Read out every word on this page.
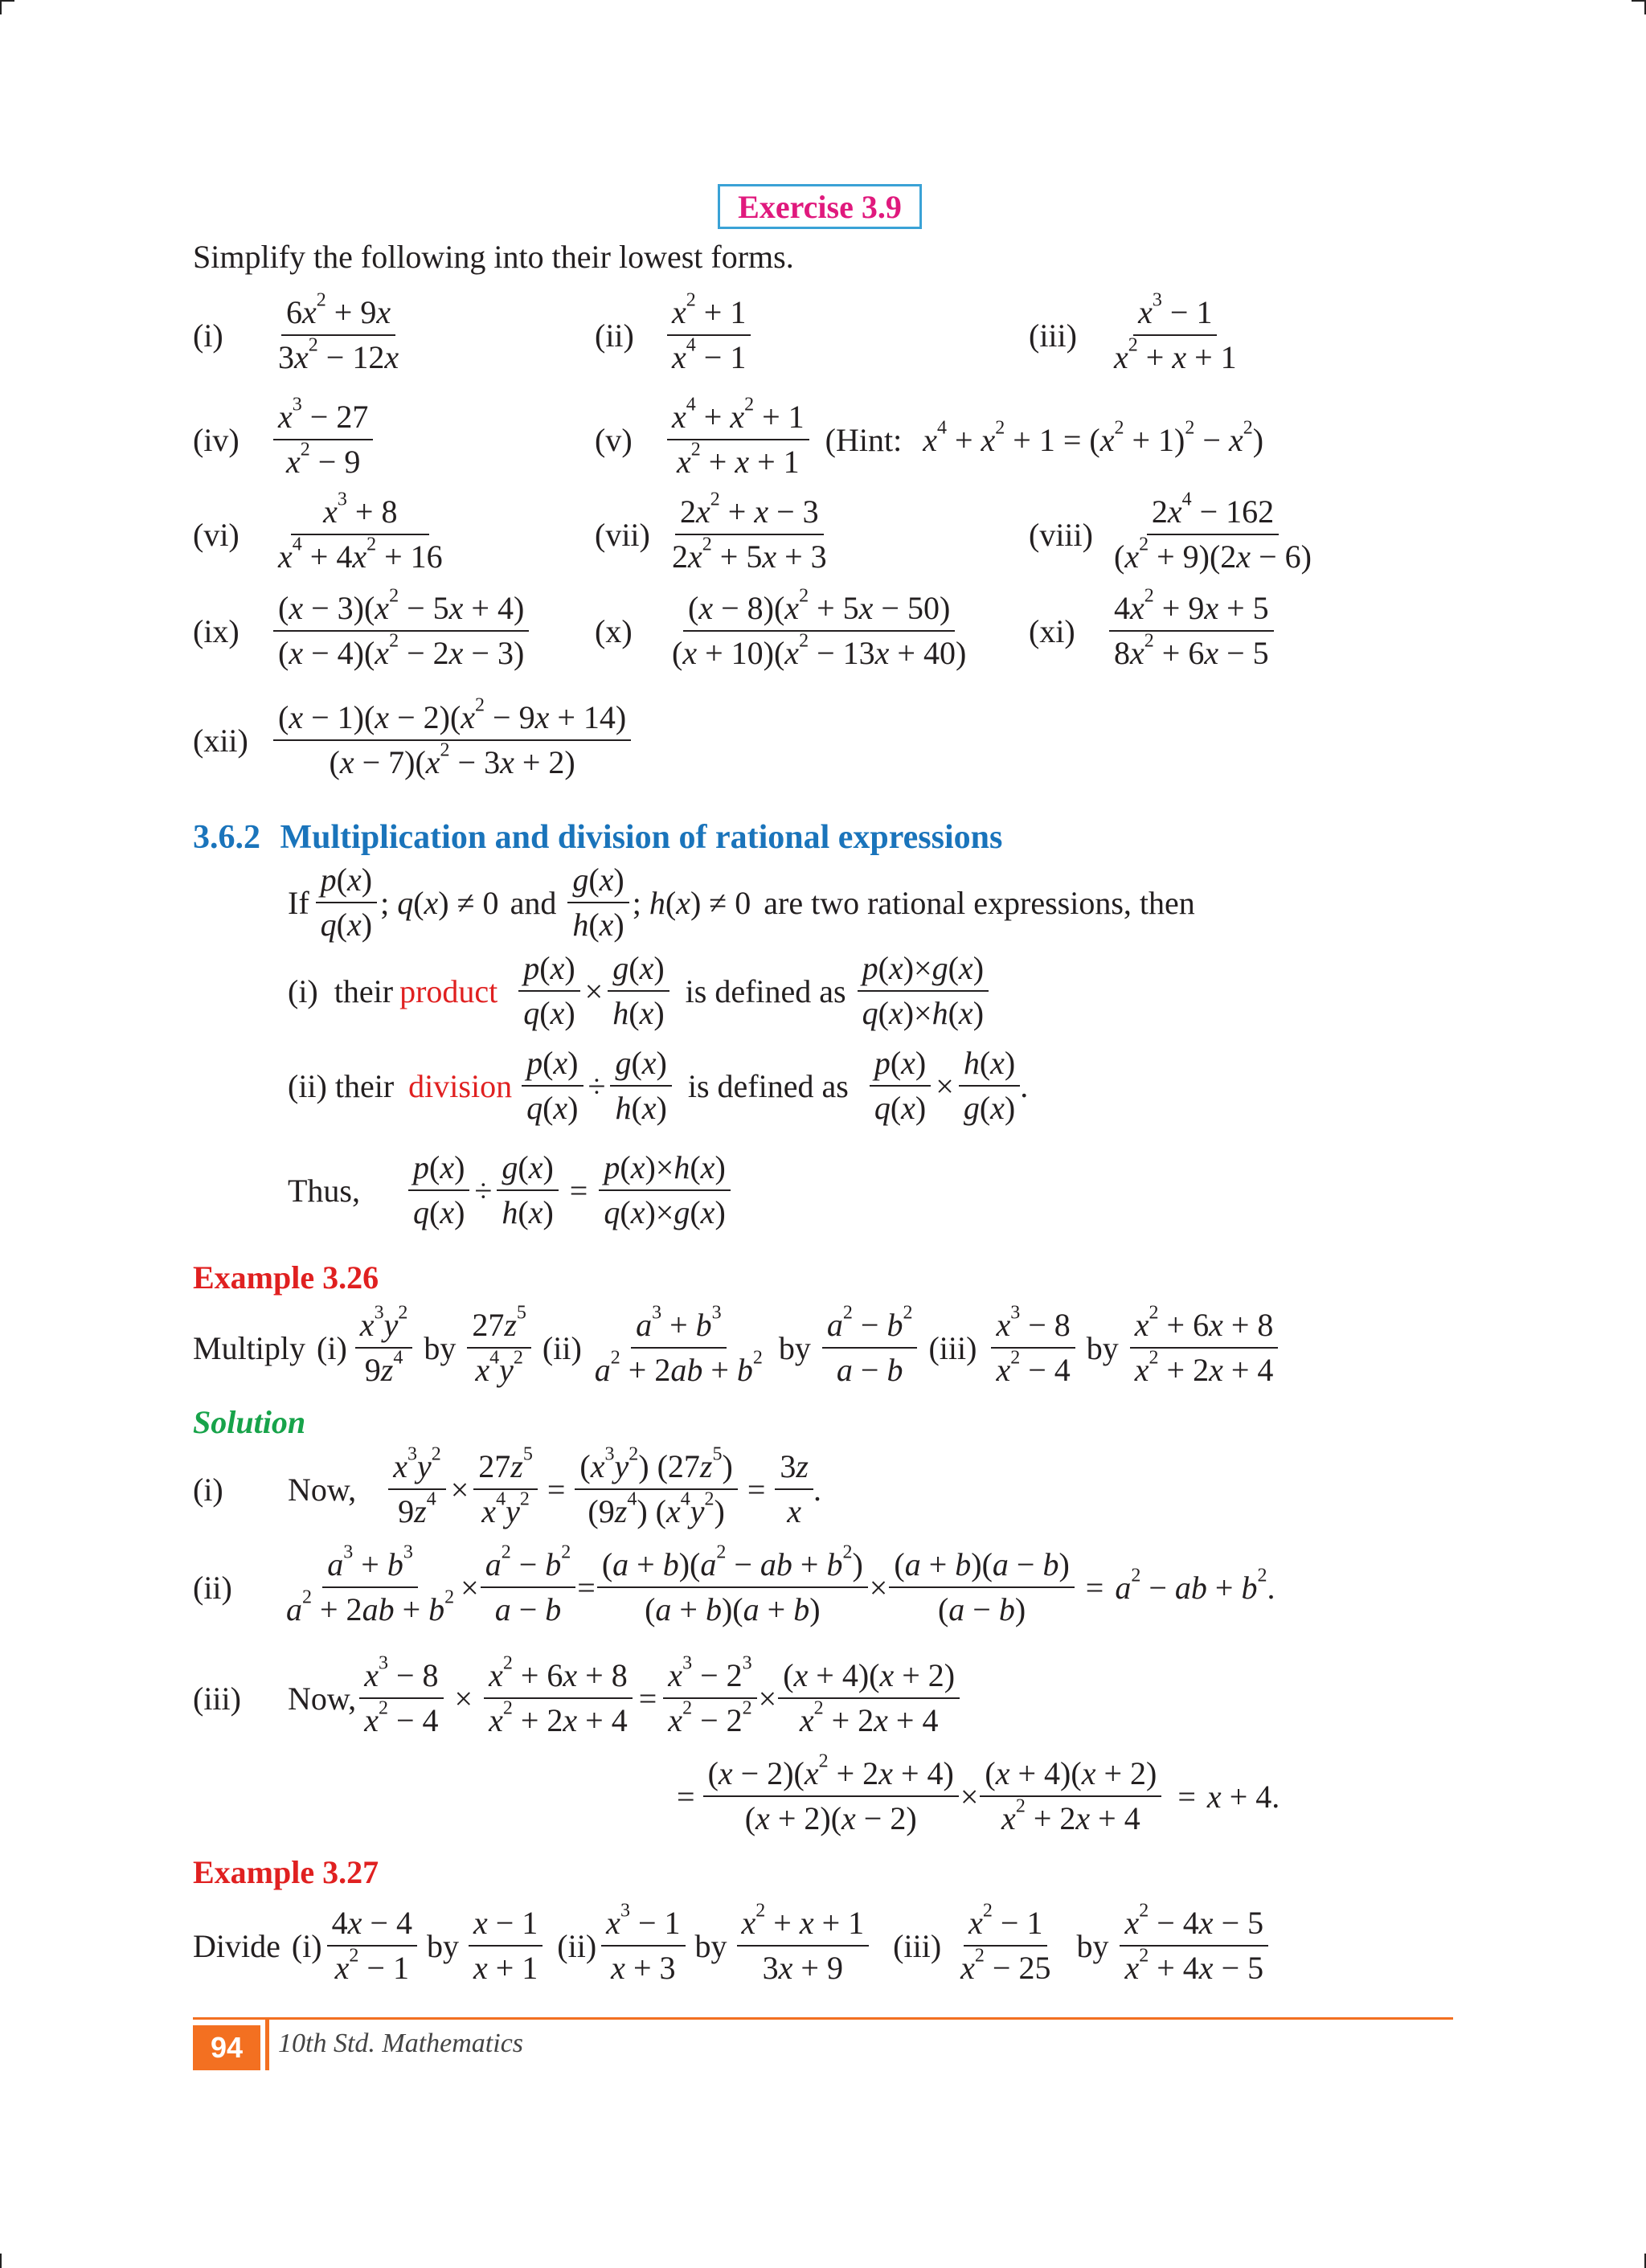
Exercise 3.9
Simplify the following into their lowest forms.
(i)	$\frac{6x^2 + 9x}{3x^2 - 12x}$	(ii)	$\frac{x^2 + 1}{x^4 - 1}$	(iii)	$\frac{x^3 - 1}{x^2 + x + 1}$
(iv)	$\frac{x^3 - 27}{x^2 - 9}$	(v)	$\frac{x^4 + x^2 + 1}{x^2 + x + 1}$ (Hint: $x^4 + x^2 + 1 = (x^2 + 1)^2 - x^2$)
(vi)	$\frac{x^3 + 8}{x^4 + 4x^2 + 16}$	$(vii) \frac{2x^2 + x - 3}{2x^2 + 5x + 3}$	(viii) $\frac{2x^4 - 162}{(x^2 + 9)(2x - 6)}$
(ix)	$\frac{(x - 3)(x^2 - 5x + 4)}{(x - 4)(x^2 - 2x - 3)} (x)$	$\frac{(x - 8)(x^2 + 5x - 50)}{(x + 10)(x^2 - 13x + 40)} (xi)$	$\frac{4x^2 + 9x + 5}{8x^2 + 6x - 5}$
$(xii) \frac{(x - 1)(x - 2)(x^2 - 9x + 14)}{(x - 7)(x^2 - 3x + 2)}$
3.6.2 Multiplication and division of rational expressions
If $\frac{p(x)}{q(x)}$ ; q(x) ≠ 0 and $\frac{g(x)}{h(x)}$ ; h(x) ≠ 0 are two rational expressions, then
(i)  their product $\frac{p(x)}{q(x)} \times \frac{g(x)}{h(x)}$ is defined as $\frac{p(x)\times g(x)}{q(x)\times h(x)}$
(ii) their division $\frac{p(x)}{q(x)} \div \frac{g(x)}{h(x)}$ is defined as $\frac{p(x)}{q(x)} \times \frac{h(x)}{g(x)}$ .
Thus,	$\frac{p(x)}{q(x)} \div \frac{g(x)}{h(x)} = \frac{p(x)\times h(x)}{q(x)\times g(x)}$
Example 3.26
Multiply $(i) \frac{x^3y^2}{9z^4}$ by $\frac{27z^5}{x^4y^2} (ii) \frac{a^3 + b^3}{a^2 + 2ab + b^2}$ by $\frac{a^2 - b^2}{a - b} (iii) \frac{x^3 - 8}{x^2 - 4}$ by $\frac{x^2 + 6x + 8}{x^2 + 2x + 4}$
Solution
(i)	Now, $\frac{x^3y^2}{9z^4} \times \frac{27z^5}{x^4y^2} = \frac{(x^3y^2) (27z^5)}{(9z^4) (x^4y^2)} = \frac{3z}{x}$ .
(ii)	$\frac{a^3 + b^3}{a^2 + 2ab + b^2} \times \frac{a^2 - b^2}{a - b} = \frac{(a + b)(a^2 - ab + b^2)}{(a + b)(a + b)} \times \frac{(a + b)(a - b)}{(a - b)} = a^2$ − ab + $b^2$.
(iii)	Now, $\frac{x^3 - 8}{x^2 - 4} \times \frac{x^2 + 6x + 8}{x^2 + 2x + 4} = \frac{x^3 - 2^3}{x^2 - 2^2} \times \frac{(x + 4)(x + 2)}{x^2 + 2x + 4}$
= $\frac{(x - 2)(x^2 + 2x + 4)}{(x + 2)(x - 2)} \times \frac{(x + 4)(x + 2)}{x^2 + 2x + 4} = x + 4$.
Example 3.27
Divide $(i) \frac{4x - 4}{x^2 - 1}$ by $\frac{x - 1}{x + 1} (ii) \frac{x^3 - 1}{x + 3}$ by $\frac{x^2 + x + 1}{3x + 9} (iii) \frac{x^2 - 1}{x^2 - 25}$ by $\frac{x^2 - 4x - 5}{x^2 + 4x - 5}$
94	10th Std. Mathematics
